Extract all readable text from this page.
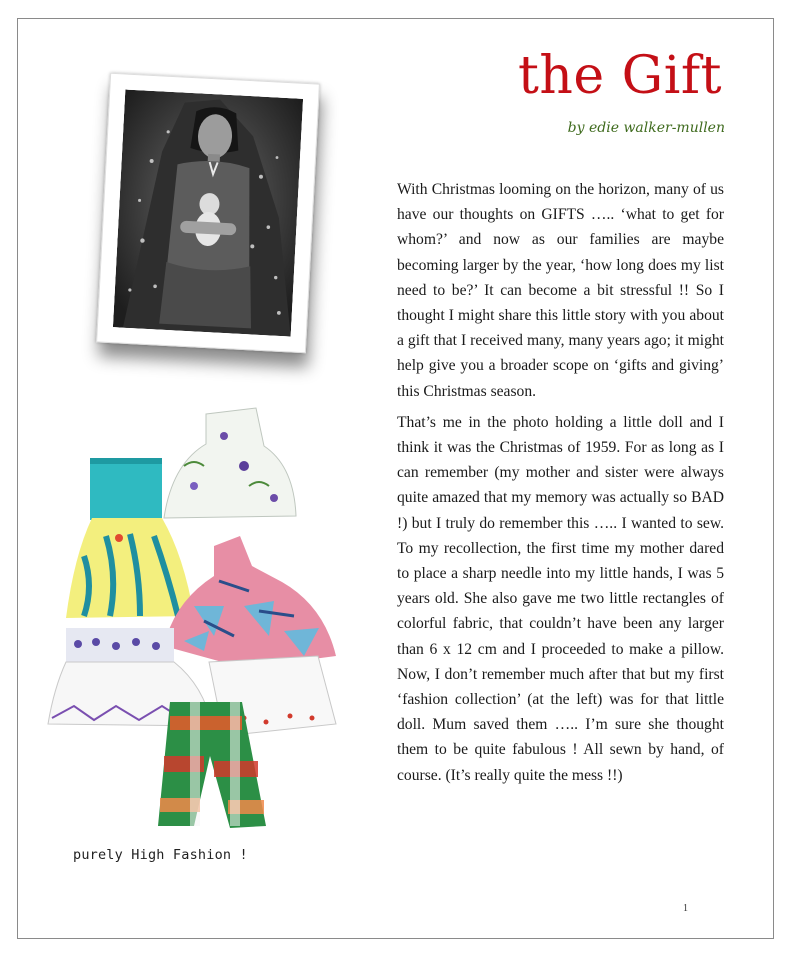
the Gift
by edie walker-mullen
purely High Fashion !

With Christmas looming on the horizon, many of us have our thoughts on GIFTS ….. ‘what to get for whom?’ and now as our families are maybe becoming larger by the year, ‘how long does my list need to be?’ It can become a bit stressful !! So I thought I might share this little story with you about a gift that I received many, many years ago; it might help give you a broader scope on ‘gifts and giving’ this Christmas season.

That’s me in the photo holding a little doll and I think it was the Christmas of 1959. For as long as I can remember (my mother and sister were always quite amazed that my memory was actually so BAD !) but I truly do remember this ….. I wanted to sew. To my recollection, the first time my mother dared to place a sharp needle into my little hands, I was 5 years old. She also gave me two little rectangles of colorful fabric, that couldn’t have been any larger than 6 x 12 cm and I proceeded to make a pillow. Now, I don’t remember much after that but my first ‘fashion collection’ (at the left) was for that little doll. Mum saved them ….. I’m sure she thought them to be quite fabulous ! All sewn by hand, of course. (It’s really quite the mess !!)

1
